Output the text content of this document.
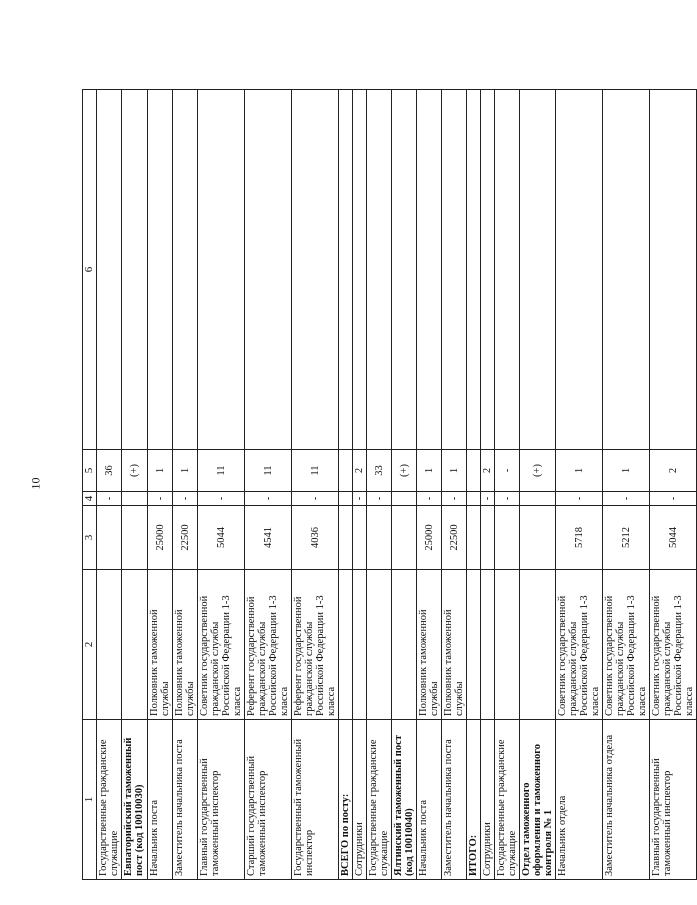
10
1	2	3	4	5	6
Государственные гражданские служащие			-	36	
Евпаторийский таможенный пост (код 10010030)				(+)	
Начальник поста	Полковник таможенной службы	25000	-	1	
Заместитель начальника поста	Полковник таможенной службы	22500	-	1	
Главный государственный таможенный инспектор	Советник государственной гражданской службы Российской Федерации 1-3 класса	5044	-	11	
Старший государственный таможенный инспектор	Референт государственной гражданской службы Российской Федерации 1-3 класса	4541	-	11	
Государственный таможенный инспектор	Референт государственной гражданской службы Российской Федерации 1-3 класса	4036	-	11	
ВСЕГО по посту:					
Сотрудники			-	2	
Государственные гражданские служащие			-	33	
Ялтинский таможенный пост (код 10010040)				(+)	
Начальник поста	Полковник таможенной службы	25000	-	1	
Заместитель начальника поста	Полковник таможенной службы	22500	-	1	
ИТОГО:					
Сотрудники			-	2	
Государственные гражданские служащие			-	-	
Отдел таможенного оформления и таможенного контроля № 1				(+)	
Начальник отдела	Советник государственной гражданской службы Российской Федерации 1-3 класса	5718	-	1	
Заместитель начальника отдела	Советник государственной гражданской службы Российской Федерации 1-3 класса	5212	-	1	
Главный государственный таможенный инспектор	Советник государственной гражданской службы Российской Федерации 1-3 класса	5044	-	2	
